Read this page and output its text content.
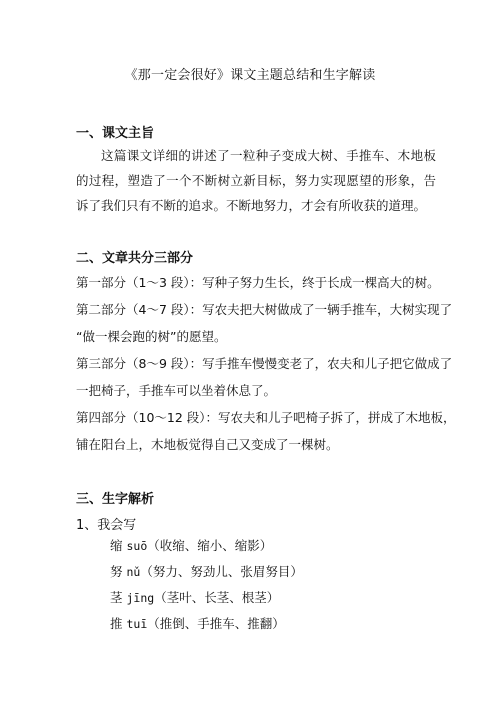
《那一定会很好》课文主题总结和生字解读
一、课文主旨
这篇课文详细的讲述了一粒种子变成大树、手推车、木地板的过程，塑造了一个不断树立新目标，努力实现愿望的形象，告诉了我们只有不断的追求。不断地努力，才会有所收获的道理。
二、文章共分三部分
第一部分（1～3 段）：写种子努力生长，终于长成一棵高大的树。
第二部分（4～7 段）：写农夫把大树做成了一辆手推车，大树实现了
“做一棵会跑的树”的愿望。
第三部分（8～9 段）：写手推车慢慢变老了，农夫和儿子把它做成了
一把椅子，手推车可以坐着休息了。
第四部分（10～12 段）：写农夫和儿子吧椅子拆了，拼成了木地板，
铺在阳台上，木地板觉得自己又变成了一棵树。
三、生字解析
1、我会写
缩 suō（收缩、缩小、缩影）
努 nǔ（努力、努劲儿、张眉努目）
茎 jīng（茎叶、长茎、根茎）
推 tuī（推倒、手推车、推翻）
